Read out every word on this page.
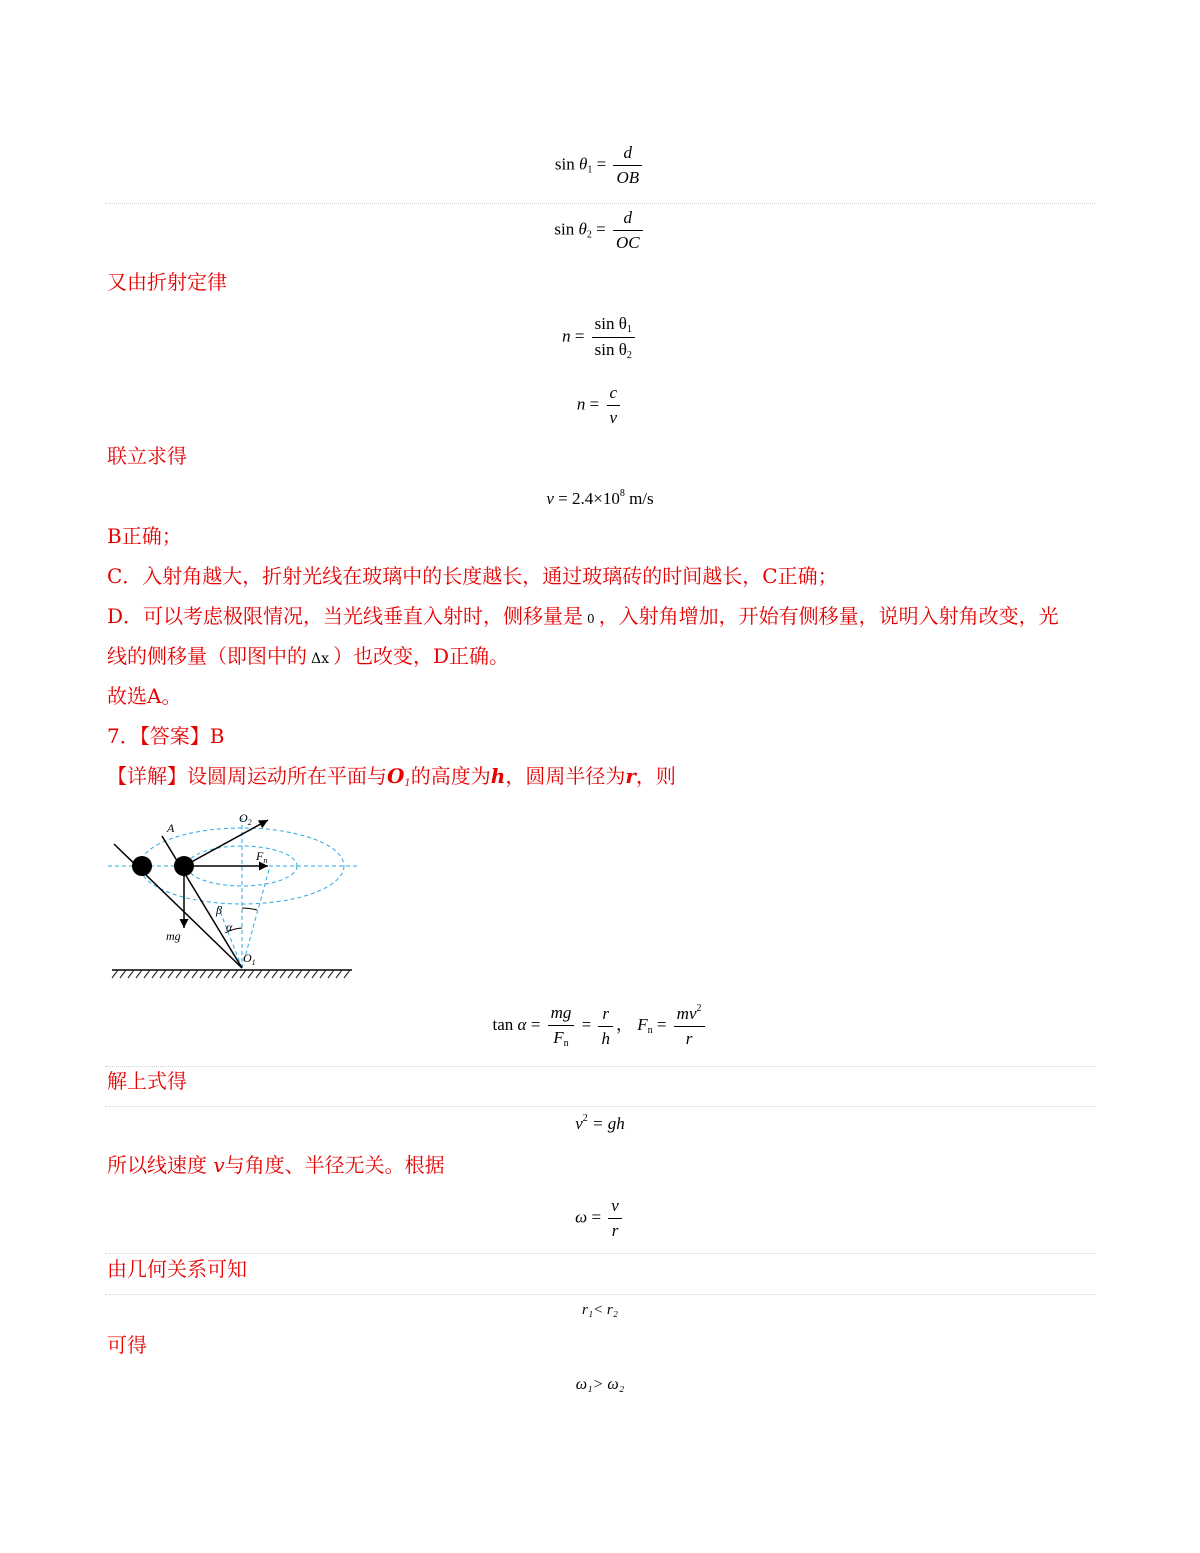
$\sin \theta_1 = \frac{d}{OB}$
$\sin \theta_2 = \frac{d}{OC}$
又由折射定律
$n = \frac{\sin \theta_1}{\sin \theta_2}$
$n = \frac{c}{v}$
联立求得
$v = 2.4\times 10^8$ m/s
B正确；
C．入射角越大，折射光线在玻璃中的长度越长，通过玻璃砖的时间越长，C正确；
D．可以考虑极限情况，当光线垂直入射时，侧移量是 0 ，入射角增加，开始有侧移量，说明入射角改变，光
线的侧移量（即图中的 Δx ）也改变，D正确。
故选A。
7．【答案】B
【详解】设圆周运动所在平面与$O_1$的高度为h，圆周半径为r，则
A
$O_2$
$F_n$
β
α
mg
$O_1$
$\tan \alpha = \frac{mg}{F_n} = \frac{r}{h}$ ， $F_n = \frac{mv^2}{r}$
解上式得
$v^2$ = gh
所以线速度 v与角度、半径无关。根据
$\omega = \frac{v}{r}$
由几何关系可知
r₁< r₂
可得
ω₁> ω₂
